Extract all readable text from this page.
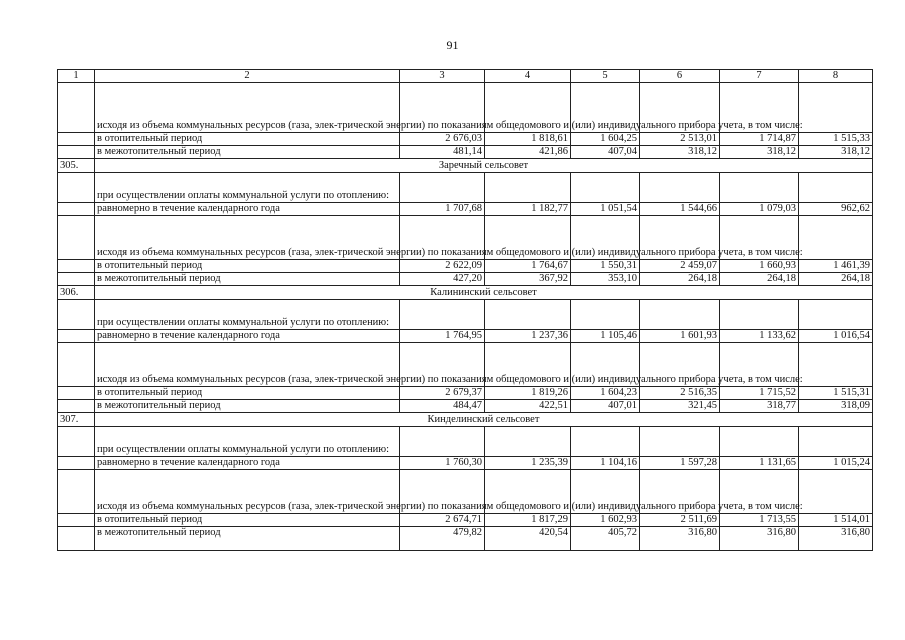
91
1	2	3	4	5	6	7	8
	исходя из объема коммунальных ресурсов (газа, элек-трической энергии) по показаниям общедомового и (или) индивидуального прибора учета, в том числе:						
	в отопительный период	2 676,03	1 818,61	1 604,25	2 513,01	1 714,87	1 515,33
	в межотопительный период	481,14	421,86	407,04	318,12	318,12	318,12
305.	Заречный сельсовет						
	при осуществлении оплаты коммунальной услуги по отоплению:						
	равномерно в течение календарного года	1 707,68	1 182,77	1 051,54	1 544,66	1 079,03	962,62
	исходя из объема коммунальных ресурсов (газа, элек-трической энергии) по показаниям общедомового и (или) индивидуального прибора учета, в том числе:						
	в отопительный период	2 622,09	1 764,67	1 550,31	2 459,07	1 660,93	1 461,39
	в межотопительный период	427,20	367,92	353,10	264,18	264,18	264,18
306.	Калининский сельсовет						
	при осуществлении оплаты коммунальной услуги по отоплению:						
	равномерно в течение календарного года	1 764,95	1 237,36	1 105,46	1 601,93	1 133,62	1 016,54
	исходя из объема коммунальных ресурсов (газа, элек-трической энергии) по показаниям общедомового и (или) индивидуального прибора учета, в том числе:						
	в отопительный период	2 679,37	1 819,26	1 604,23	2 516,35	1 715,52	1 515,31
	в межотопительный период	484,47	422,51	407,01	321,45	318,77	318,09
307.	Кинделинский сельсовет						
	при осуществлении оплаты коммунальной услуги по отоплению:						
	равномерно в течение календарного года	1 760,30	1 235,39	1 104,16	1 597,28	1 131,65	1 015,24
	исходя из объема коммунальных ресурсов (газа, элек-трической энергии) по показаниям общедомового и (или) индивидуального прибора учета, в том числе:						
	в отопительный период	2 674,71	1 817,29	1 602,93	2 511,69	1 713,55	1 514,01
	в межотопительный период	479,82	420,54	405,72	316,80	316,80	316,80
